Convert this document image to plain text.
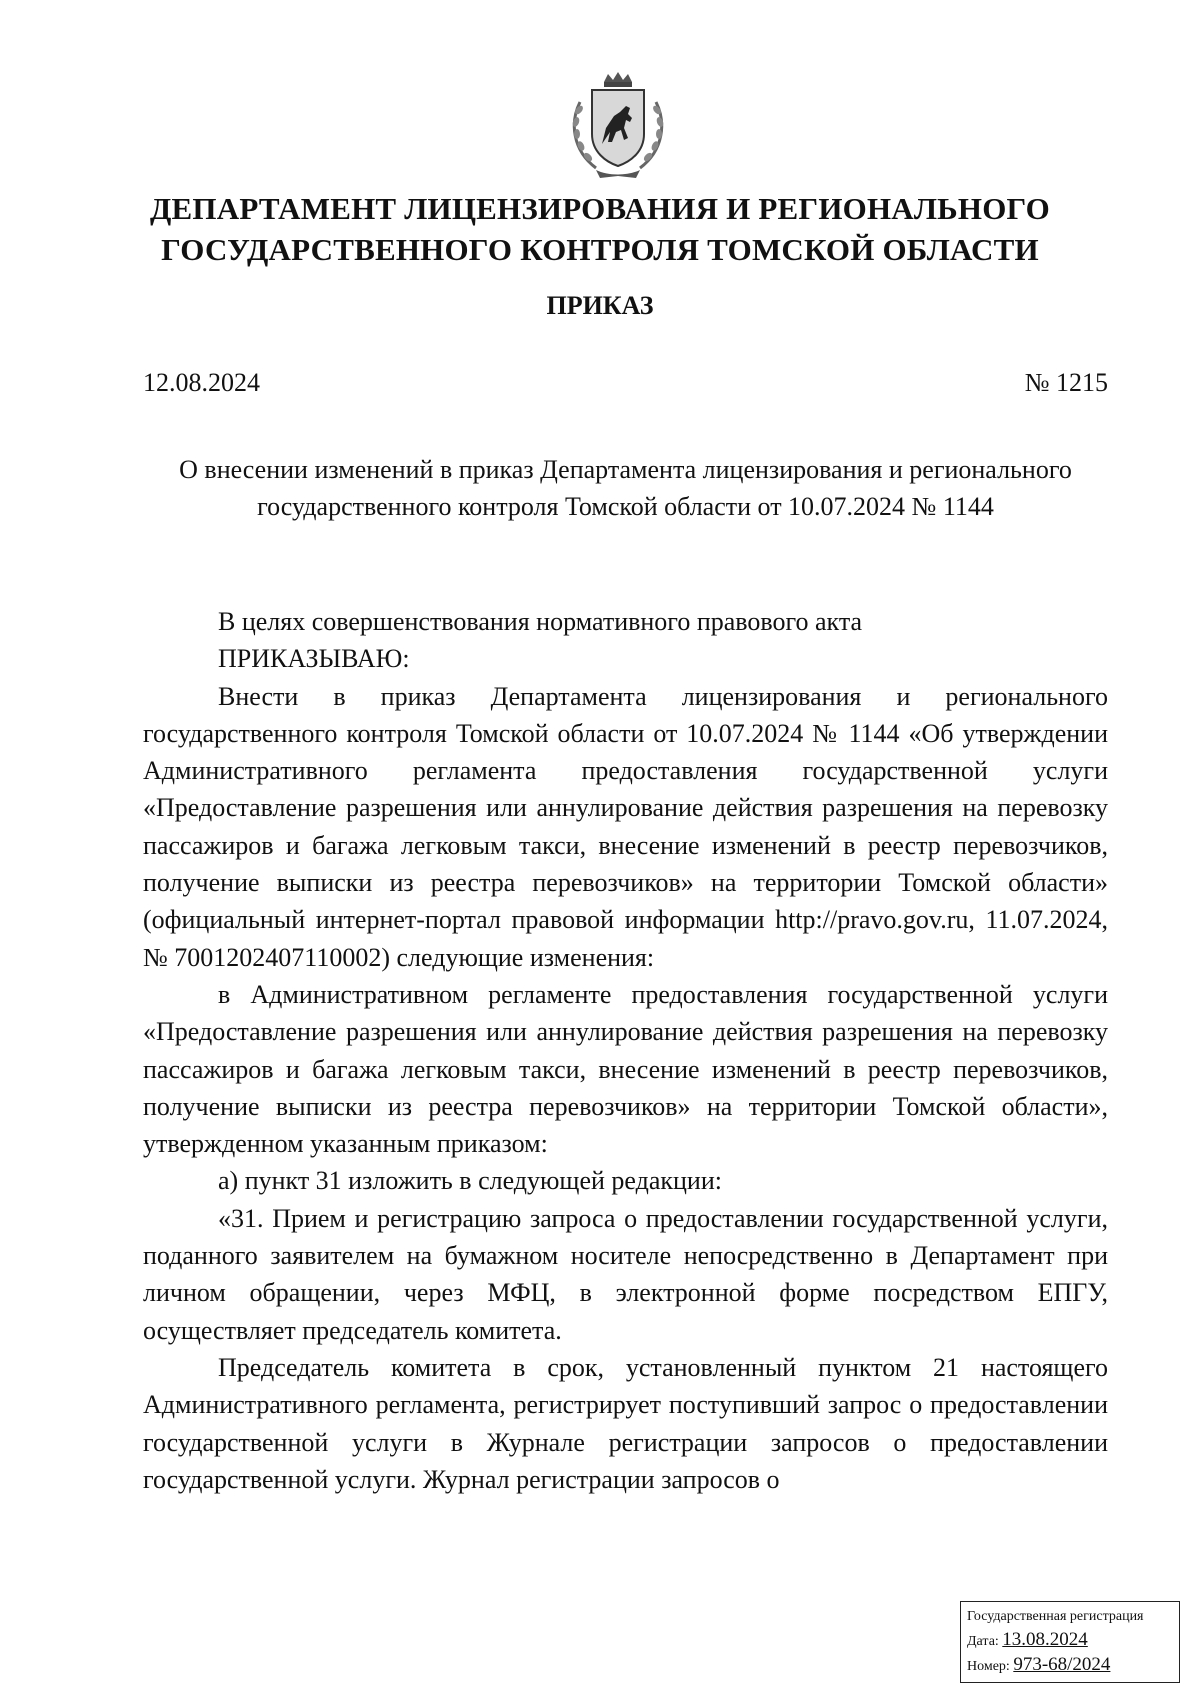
ДЕПАРТАМЕНТ ЛИЦЕНЗИРОВАНИЯ И РЕГИОНАЛЬНОГО
ГОСУДАРСТВЕННОГО КОНТРОЛЯ ТОМСКОЙ ОБЛАСТИ
ПРИКАЗ
12.08.2024	№ 1215
О внесении изменений в приказ Департамента лицензирования и регионального
государственного контроля Томской области от 10.07.2024 № 1144

В целях совершенствования нормативного правового акта

ПРИКАЗЫВАЮ:

Внести в приказ Департамента лицензирования и регионального государственного контроля Томской области от 10.07.2024 № 1144 «Об утверждении Административного регламента предоставления государственной услуги «Предоставление разрешения или аннулирование действия разрешения на перевозку пассажиров и багажа легковым такси, внесение изменений в реестр перевозчиков, получение выписки из реестра перевозчиков» на территории Томской области» (официальный интернет-портал правовой информации http://pravo.gov.ru, 11.07.2024, № 7001202407110002) следующие изменения:

в Административном регламенте предоставления государственной услуги «Предоставление разрешения или аннулирование действия разрешения на перевозку пассажиров и багажа легковым такси, внесение изменений в реестр перевозчиков, получение выписки из реестра перевозчиков» на территории Томской области», утвержденном указанным приказом:

а) пункт 31 изложить в следующей редакции:

«31. Прием и регистрацию запроса о предоставлении государственной услуги, поданного заявителем на бумажном носителе непосредственно в Департамент при личном обращении, через МФЦ, в электронной форме посредством ЕПГУ, осуществляет председатель комитета.

Председатель комитета в срок, установленный пунктом 21 настоящего Административного регламента, регистрирует поступивший запрос о предоставлении государственной услуги в Журнале регистрации запросов о предоставлении государственной услуги. Журнал регистрации запросов о

Государственная регистрация
Дата: 13.08.2024
Номер: 973-68/2024
